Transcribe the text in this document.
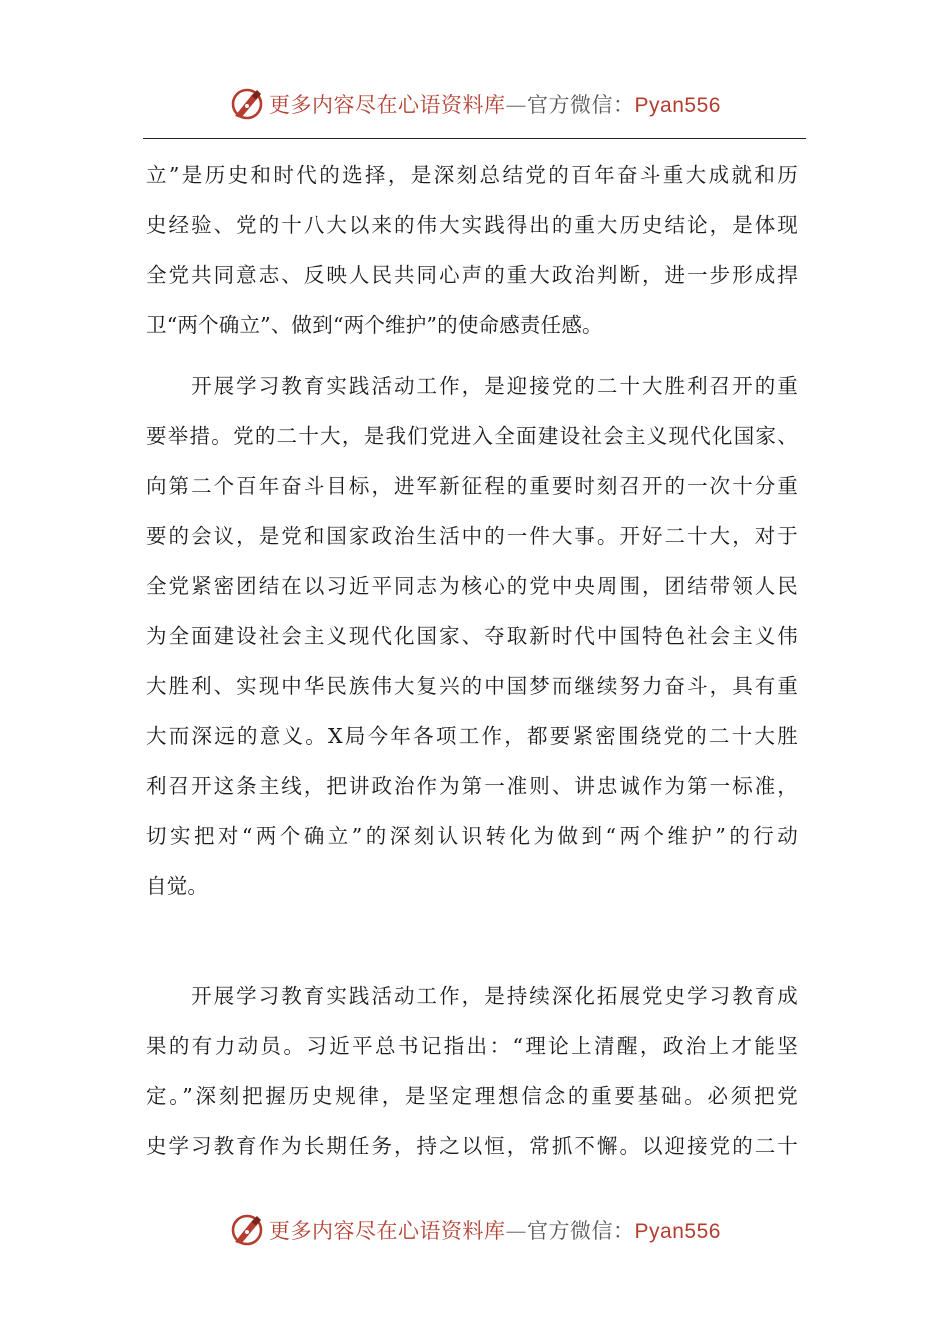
更多内容尽在心语资料库—官方微信：Pyan556
立”是历史和时代的选择，是深刻总结党的百年奋斗重大成就和历
史经验、党的十八大以来的伟大实践得出的重大历史结论，是体现
全党共同意志、反映人民共同心声的重大政治判断，进一步形成捍
卫“两个确立”、做到“两个维护”的使命感责任感。
　　开展学习教育实践活动工作，是迎接党的二十大胜利召开的重
要举措。党的二十大，是我们党进入全面建设社会主义现代化国家、
向第二个百年奋斗目标，进军新征程的重要时刻召开的一次十分重
要的会议，是党和国家政治生活中的一件大事。开好二十大，对于
全党紧密团结在以习近平同志为核心的党中央周围，团结带领人民
为全面建设社会主义现代化国家、夺取新时代中国特色社会主义伟
大胜利、实现中华民族伟大复兴的中国梦而继续努力奋斗，具有重
大而深远的意义。X局今年各项工作，都要紧密围绕党的二十大胜
利召开这条主线，把讲政治作为第一准则、讲忠诚作为第一标准，
切实把对“两个确立”的深刻认识转化为做到“两个维护”的行动
自觉。
　　开展学习教育实践活动工作，是持续深化拓展党史学习教育成
果的有力动员。习近平总书记指出：“理论上清醒，政治上才能坚
定。”深刻把握历史规律，是坚定理想信念的重要基础。必须把党
史学习教育作为长期任务，持之以恒，常抓不懈。以迎接党的二十
更多内容尽在心语资料库—官方微信：Pyan556
